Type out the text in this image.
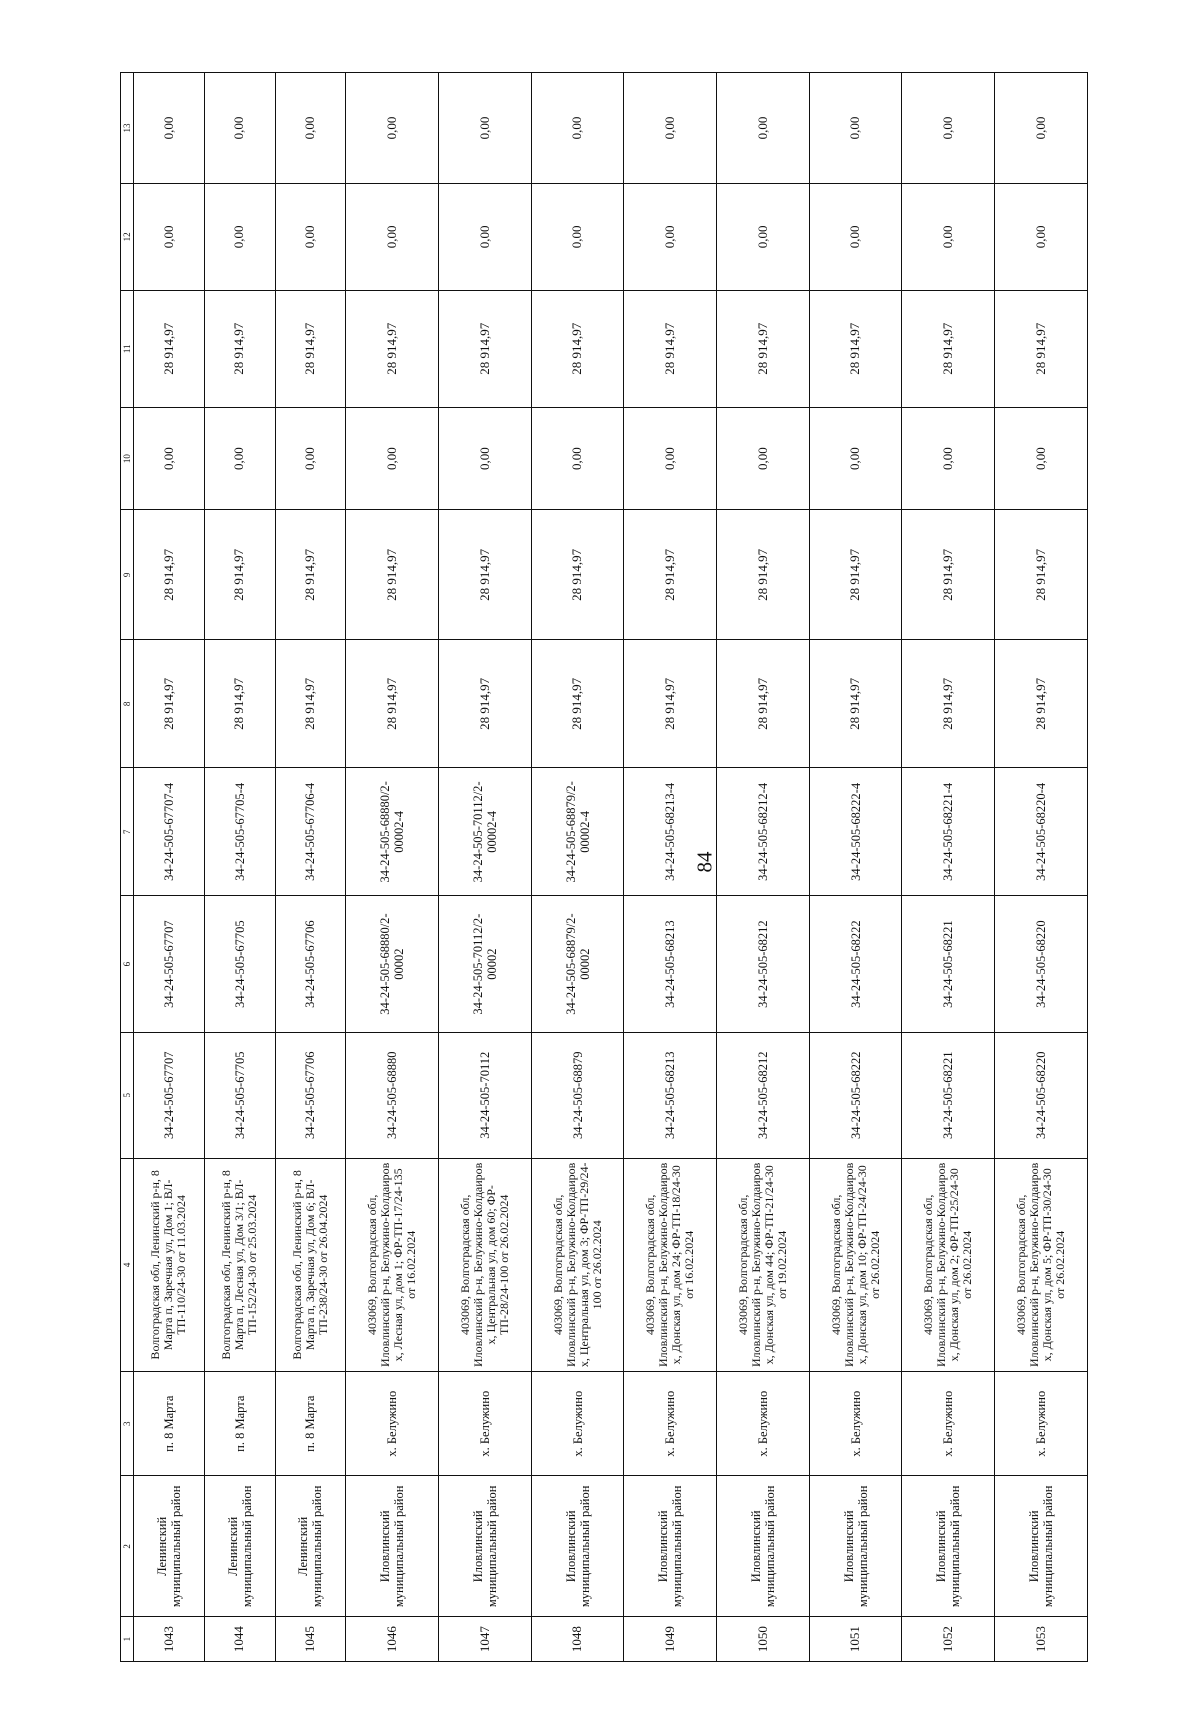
84
1	2	3	4	5	6	7	8	9	10	11	12	13
1043	Ленинский муниципальный район	п. 8 Марта	Волгоградская обл, Ленинский р-н, 8 Марта п, Заречная ул, Дом 1; ВЛ-ТП-110/24-30 от 11.03.2024	34-24-505-67707	34-24-505-67707	34-24-505-67707-4	28 914,97	28 914,97	0,00	28 914,97	0,00	0,00
1044	Ленинский муниципальный район	п. 8 Марта	Волгоградская обл, Ленинский р-н, 8 Марта п, Лесная ул, Дом 3/1; ВЛ-ТП-152/24-30 от 25.03.2024	34-24-505-67705	34-24-505-67705	34-24-505-67705-4	28 914,97	28 914,97	0,00	28 914,97	0,00	0,00
1045	Ленинский муниципальный район	п. 8 Марта	Волгоградская обл, Ленинский р-н, 8 Марта п, Заречная ул, Дом 6; ВЛ-ТП-238/24-30 от 26.04.2024	34-24-505-67706	34-24-505-67706	34-24-505-67706-4	28 914,97	28 914,97	0,00	28 914,97	0,00	0,00
1046	Иловлинский муниципальный район	х. Белужино	403069, Волгоградская обл, Иловлинский р-н, Белужино-Колдаиров х, Лесная ул, дом 1; ФР-ТП-17/24-135 от 16.02.2024	34-24-505-68880	34-24-505-68880/2-00002	34-24-505-68880/2-00002-4	28 914,97	28 914,97	0,00	28 914,97	0,00	0,00
1047	Иловлинский муниципальный район	х. Белужино	403069, Волгоградская обл, Иловлинский р-н, Белужино-Колдаиров х, Центральная ул, дом 60; ФР-ТП-28/24-100 от 26.02.2024	34-24-505-70112	34-24-505-70112/2-00002	34-24-505-70112/2-00002-4	28 914,97	28 914,97	0,00	28 914,97	0,00	0,00
1048	Иловлинский муниципальный район	х. Белужино	403069, Волгоградская обл, Иловлинский р-н, Белужино-Колдаиров х, Центральная ул, дом 3; ФР-ТП-29/24-100 от 26.02.2024	34-24-505-68879	34-24-505-68879/2-00002	34-24-505-68879/2-00002-4	28 914,97	28 914,97	0,00	28 914,97	0,00	0,00
1049	Иловлинский муниципальный район	х. Белужино	403069, Волгоградская обл, Иловлинский р-н, Белужино-Колдаиров х, Донская ул, дом 24; ФР-ТП-18/24-30 от 16.02.2024	34-24-505-68213	34-24-505-68213	34-24-505-68213-4	28 914,97	28 914,97	0,00	28 914,97	0,00	0,00
1050	Иловлинский муниципальный район	х. Белужино	403069, Волгоградская обл, Иловлинский р-н, Белужино-Колдаиров х, Донская ул, дом 44; ФР-ТП-21/24-30 от 19.02.2024	34-24-505-68212	34-24-505-68212	34-24-505-68212-4	28 914,97	28 914,97	0,00	28 914,97	0,00	0,00
1051	Иловлинский муниципальный район	х. Белужино	403069, Волгоградская обл, Иловлинский р-н, Белужино-Колдаиров х, Донская ул, дом 10; ФР-ТП-24/24-30 от 26.02.2024	34-24-505-68222	34-24-505-68222	34-24-505-68222-4	28 914,97	28 914,97	0,00	28 914,97	0,00	0,00
1052	Иловлинский муниципальный район	х. Белужино	403069, Волгоградская обл, Иловлинский р-н, Белужино-Колдаиров х, Донская ул, дом 2; ФР-ТП-25/24-30 от 26.02.2024	34-24-505-68221	34-24-505-68221	34-24-505-68221-4	28 914,97	28 914,97	0,00	28 914,97	0,00	0,00
1053	Иловлинский муниципальный район	х. Белужино	403069, Волгоградская обл, Иловлинский р-н, Белужино-Колдаиров х, Донская ул, дом 5; ФР-ТП-30/24-30 от 26.02.2024	34-24-505-68220	34-24-505-68220	34-24-505-68220-4	28 914,97	28 914,97	0,00	28 914,97	0,00	0,00
